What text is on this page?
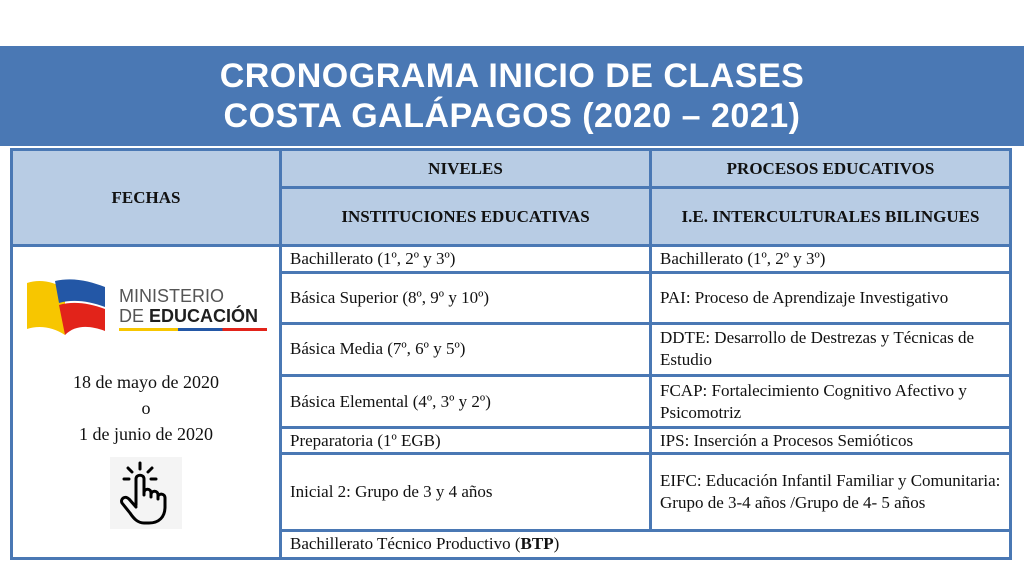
CRONOGRAMA INICIO DE CLASES
COSTA GALÁPAGOS (2020 – 2021)
FECHAS	NIVELES	PROCESOS EDUCATIVOS
	INSTITUCIONES EDUCATIVAS	I.E. INTERCULTURALES BILINGUES

MINISTERIO
DE EDUCACIÓN
18 de mayo de 2020
o
1 de junio de 2020	Bachillerato (1º, 2º y 3º)	Bachillerato (1º, 2º y 3º)
	Básica Superior (8º, 9º y 10º)	PAI: Proceso de Aprendizaje Investigativo
	Básica Media (7º, 6º y 5º)	DDTE: Desarrollo de Destrezas y Técnicas de Estudio
	Básica Elemental (4º, 3º y 2º)	FCAP: Fortalecimiento Cognitivo Afectivo y Psicomotriz
	Preparatoria (1º EGB)	IPS: Inserción a Procesos Semióticos
	Inicial 2: Grupo de 3 y 4 años	EIFC: Educación Infantil Familiar y Comunitaria: Grupo de 3-4 años /Grupo de 4- 5 años
	Bachillerato Técnico Productivo (BTP)	
